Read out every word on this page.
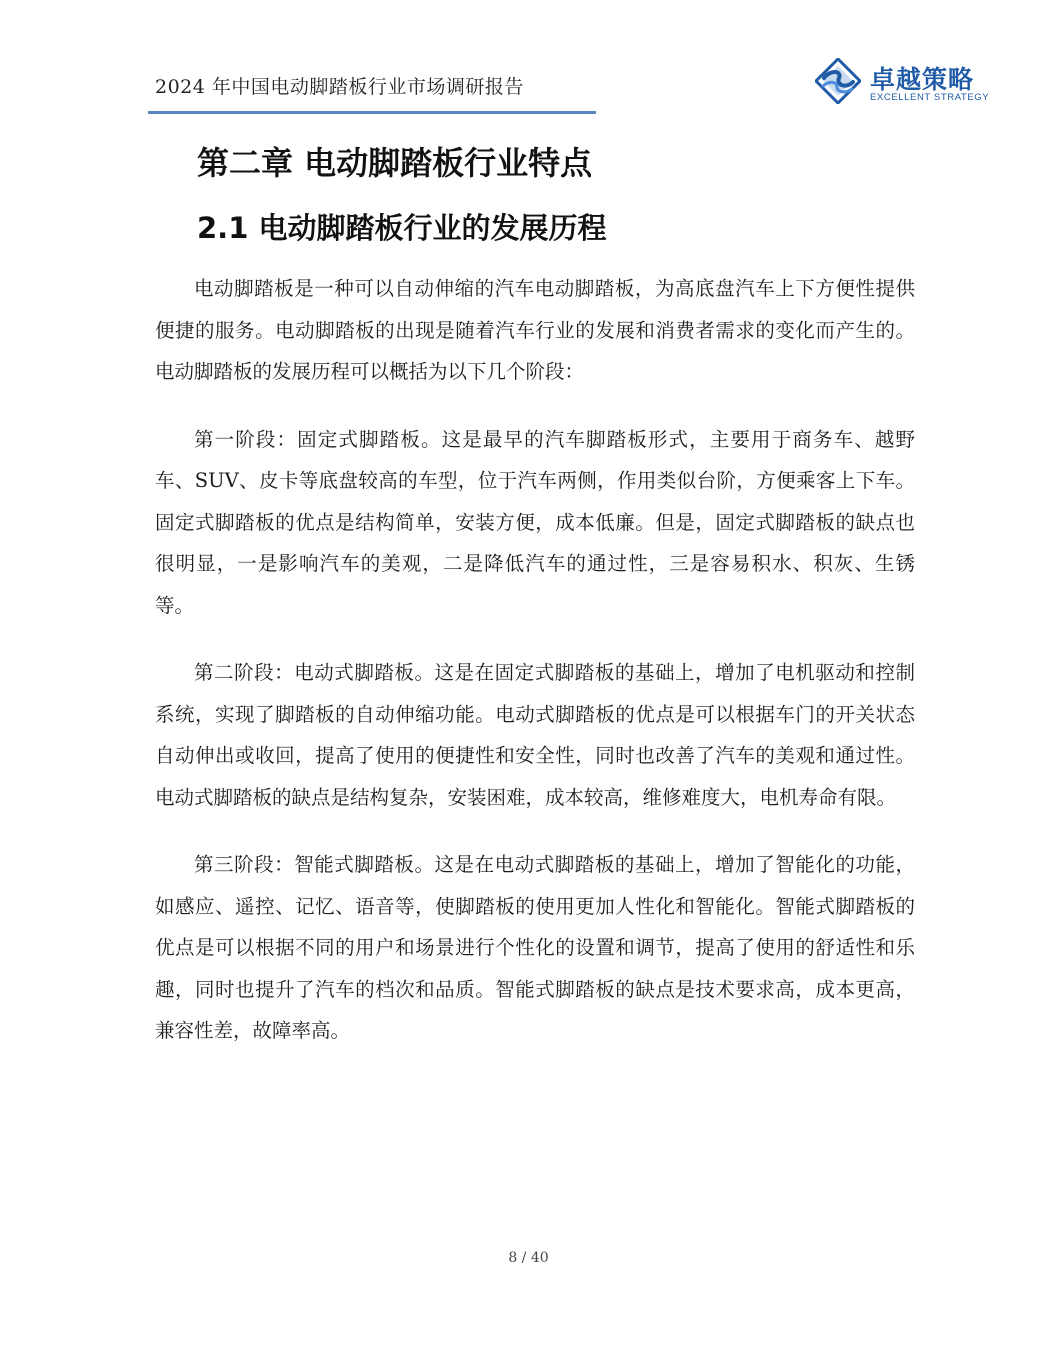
2024 年中国电动脚踏板行业市场调研报告	卓越策略
EXCELLENT STRATEGY
第二章 电动脚踏板行业特点
2.1 电动脚踏板行业的发展历程

电动脚踏板是一种可以自动伸缩的汽车电动脚踏板，为高底盘汽车上下方便性提供便捷的服务。电动脚踏板的出现是随着汽车行业的发展和消费者需求的变化而产生的。电动脚踏板的发展历程可以概括为以下几个阶段：

第一阶段：固定式脚踏板。这是最早的汽车脚踏板形式，主要用于商务车、越野车、SUV、皮卡等底盘较高的车型，位于汽车两侧，作用类似台阶，方便乘客上下车。固定式脚踏板的优点是结构简单，安装方便，成本低廉。但是，固定式脚踏板的缺点也很明显，一是影响汽车的美观，二是降低汽车的通过性，三是容易积水、积灰、生锈等。

第二阶段：电动式脚踏板。这是在固定式脚踏板的基础上，增加了电机驱动和控制系统，实现了脚踏板的自动伸缩功能。电动式脚踏板的优点是可以根据车门的开关状态自动伸出或收回，提高了使用的便捷性和安全性，同时也改善了汽车的美观和通过性。电动式脚踏板的缺点是结构复杂，安装困难，成本较高，维修难度大，电机寿命有限。

第三阶段：智能式脚踏板。这是在电动式脚踏板的基础上，增加了智能化的功能，如感应、遥控、记忆、语音等，使脚踏板的使用更加人性化和智能化。智能式脚踏板的优点是可以根据不同的用户和场景进行个性化的设置和调节，提高了使用的舒适性和乐趣，同时也提升了汽车的档次和品质。智能式脚踏板的缺点是技术要求高，成本更高，兼容性差，故障率高。

8 / 40
